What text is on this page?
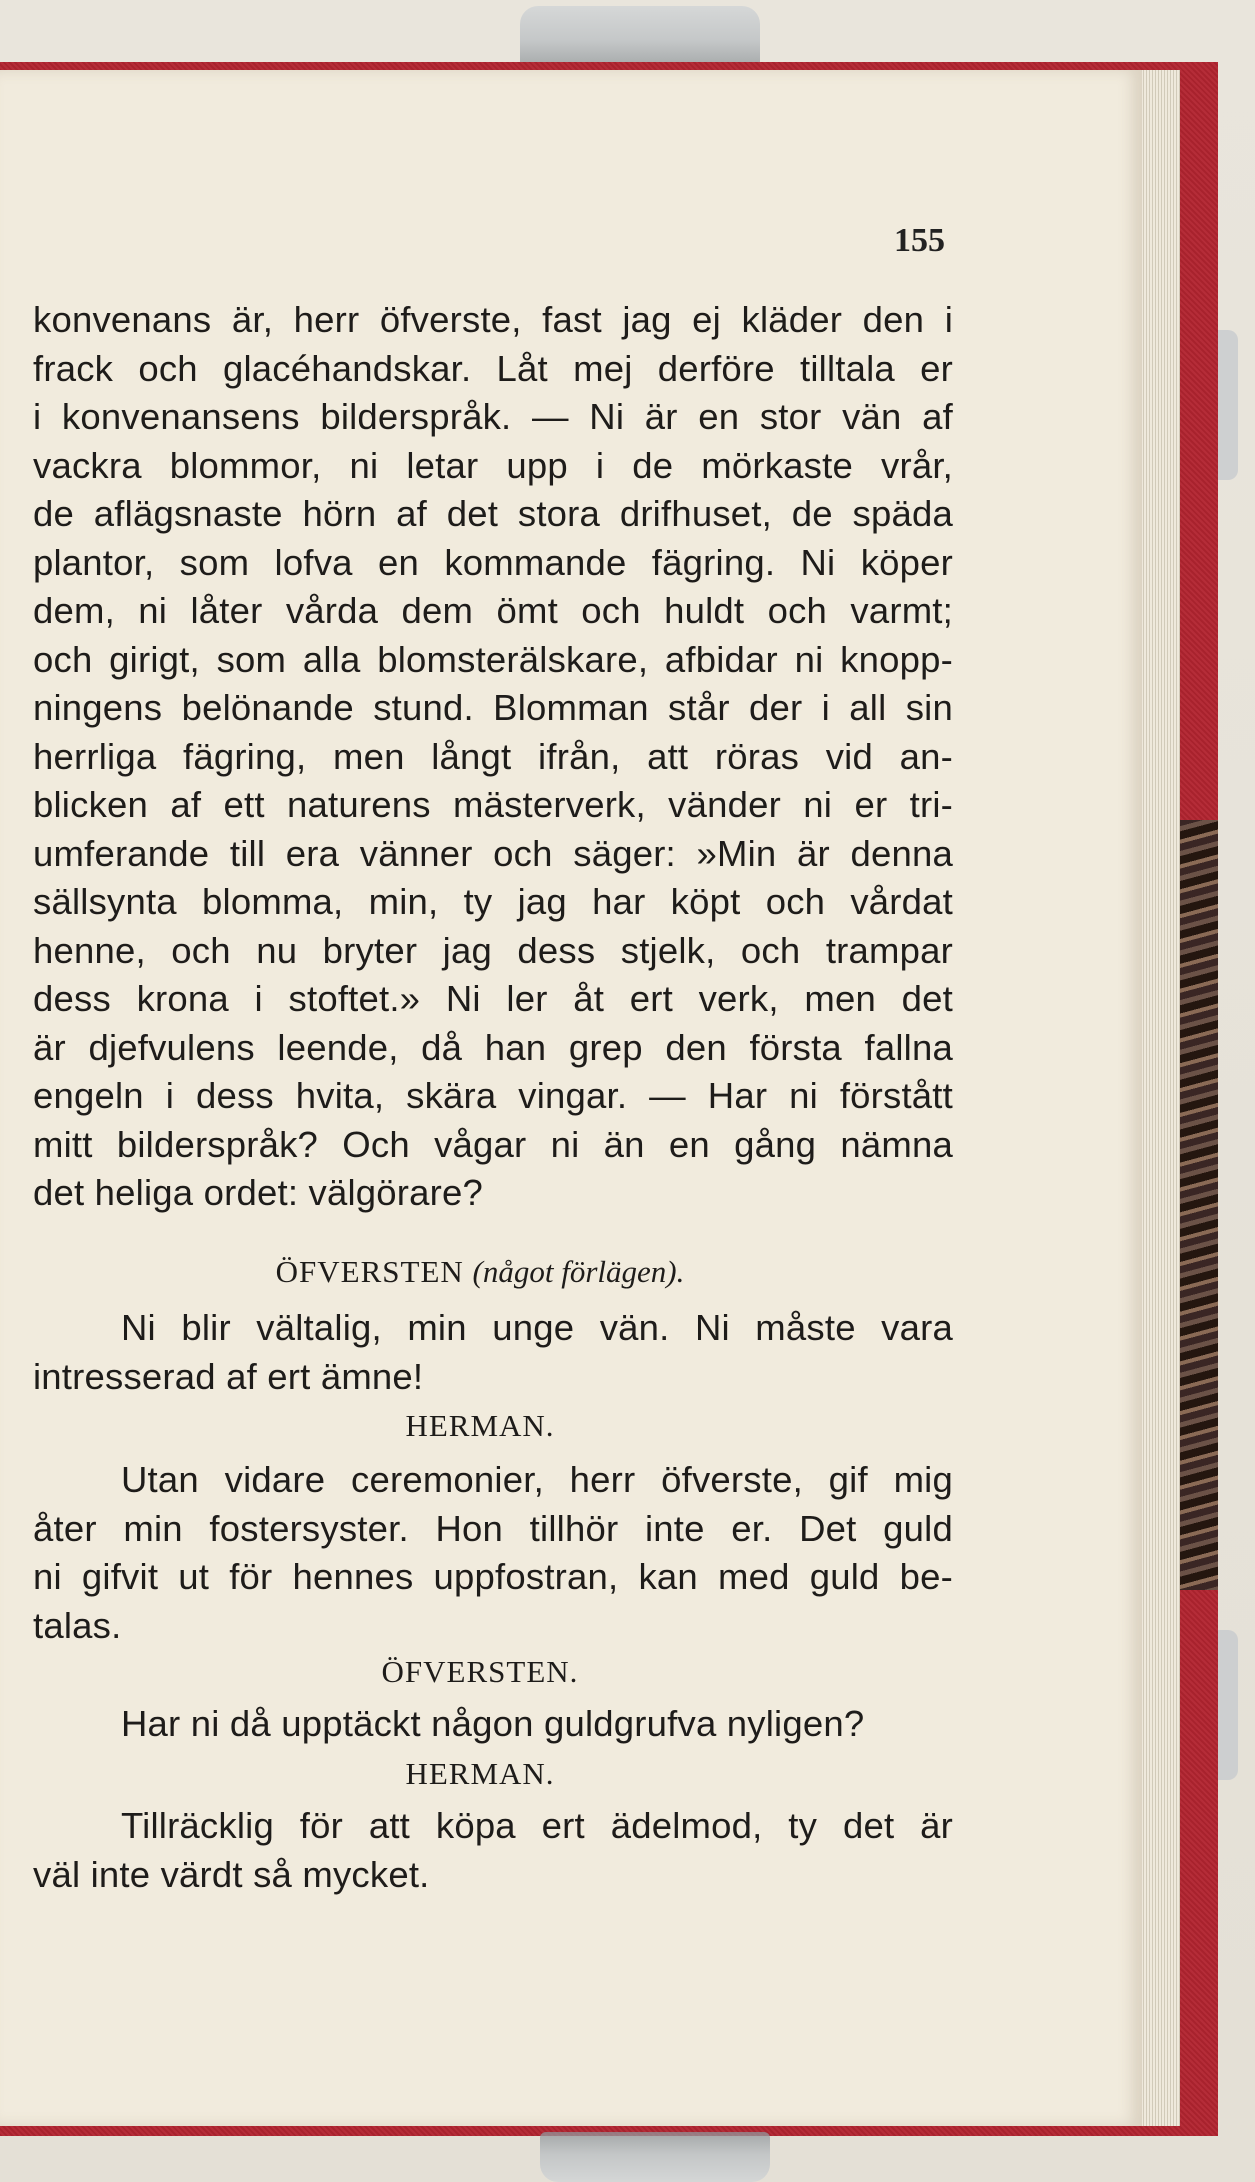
155
konvenans är, herr öfverste, fast jag ej kläder den i
frack och glacéhandskar. Låt mej derföre tilltala er
i konvenansens bilderspråk. — Ni är en stor vän af
vackra blommor, ni letar upp i de mörkaste vrår,
de aflägsnaste hörn af det stora drifhuset, de späda
plantor, som lofva en kommande fägring. Ni köper
dem, ni låter vårda dem ömt och huldt och varmt;
och girigt, som alla blomsterälskare, afbidar ni knopp-
ningens belönande stund. Blomman står der i all sin
herrliga fägring, men långt ifrån, att röras vid an-
blicken af ett naturens mästerverk, vänder ni er tri-
umferande till era vänner och säger: »Min är denna
sällsynta blomma, min, ty jag har köpt och vårdat
henne, och nu bryter jag dess stjelk, och trampar
dess krona i stoftet.» Ni ler åt ert verk, men det
är djefvulens leende, då han grep den första fallna
engeln i dess hvita, skära vingar. — Har ni förstått
mitt bilderspråk? Och vågar ni än en gång nämna
det heliga ordet: välgörare?
ÖFVERSTEN (något förlägen).
Ni blir vältalig, min unge vän. Ni måste vara
intresserad af ert ämne!
HERMAN.
Utan vidare ceremonier, herr öfverste, gif mig
åter min fostersyster. Hon tillhör inte er. Det guld
ni gifvit ut för hennes uppfostran, kan med guld be-
talas.
ÖFVERSTEN.
Har ni då upptäckt någon guldgrufva nyligen?
HERMAN.
Tillräcklig för att köpa ert ädelmod, ty det är
väl inte värdt så mycket.
